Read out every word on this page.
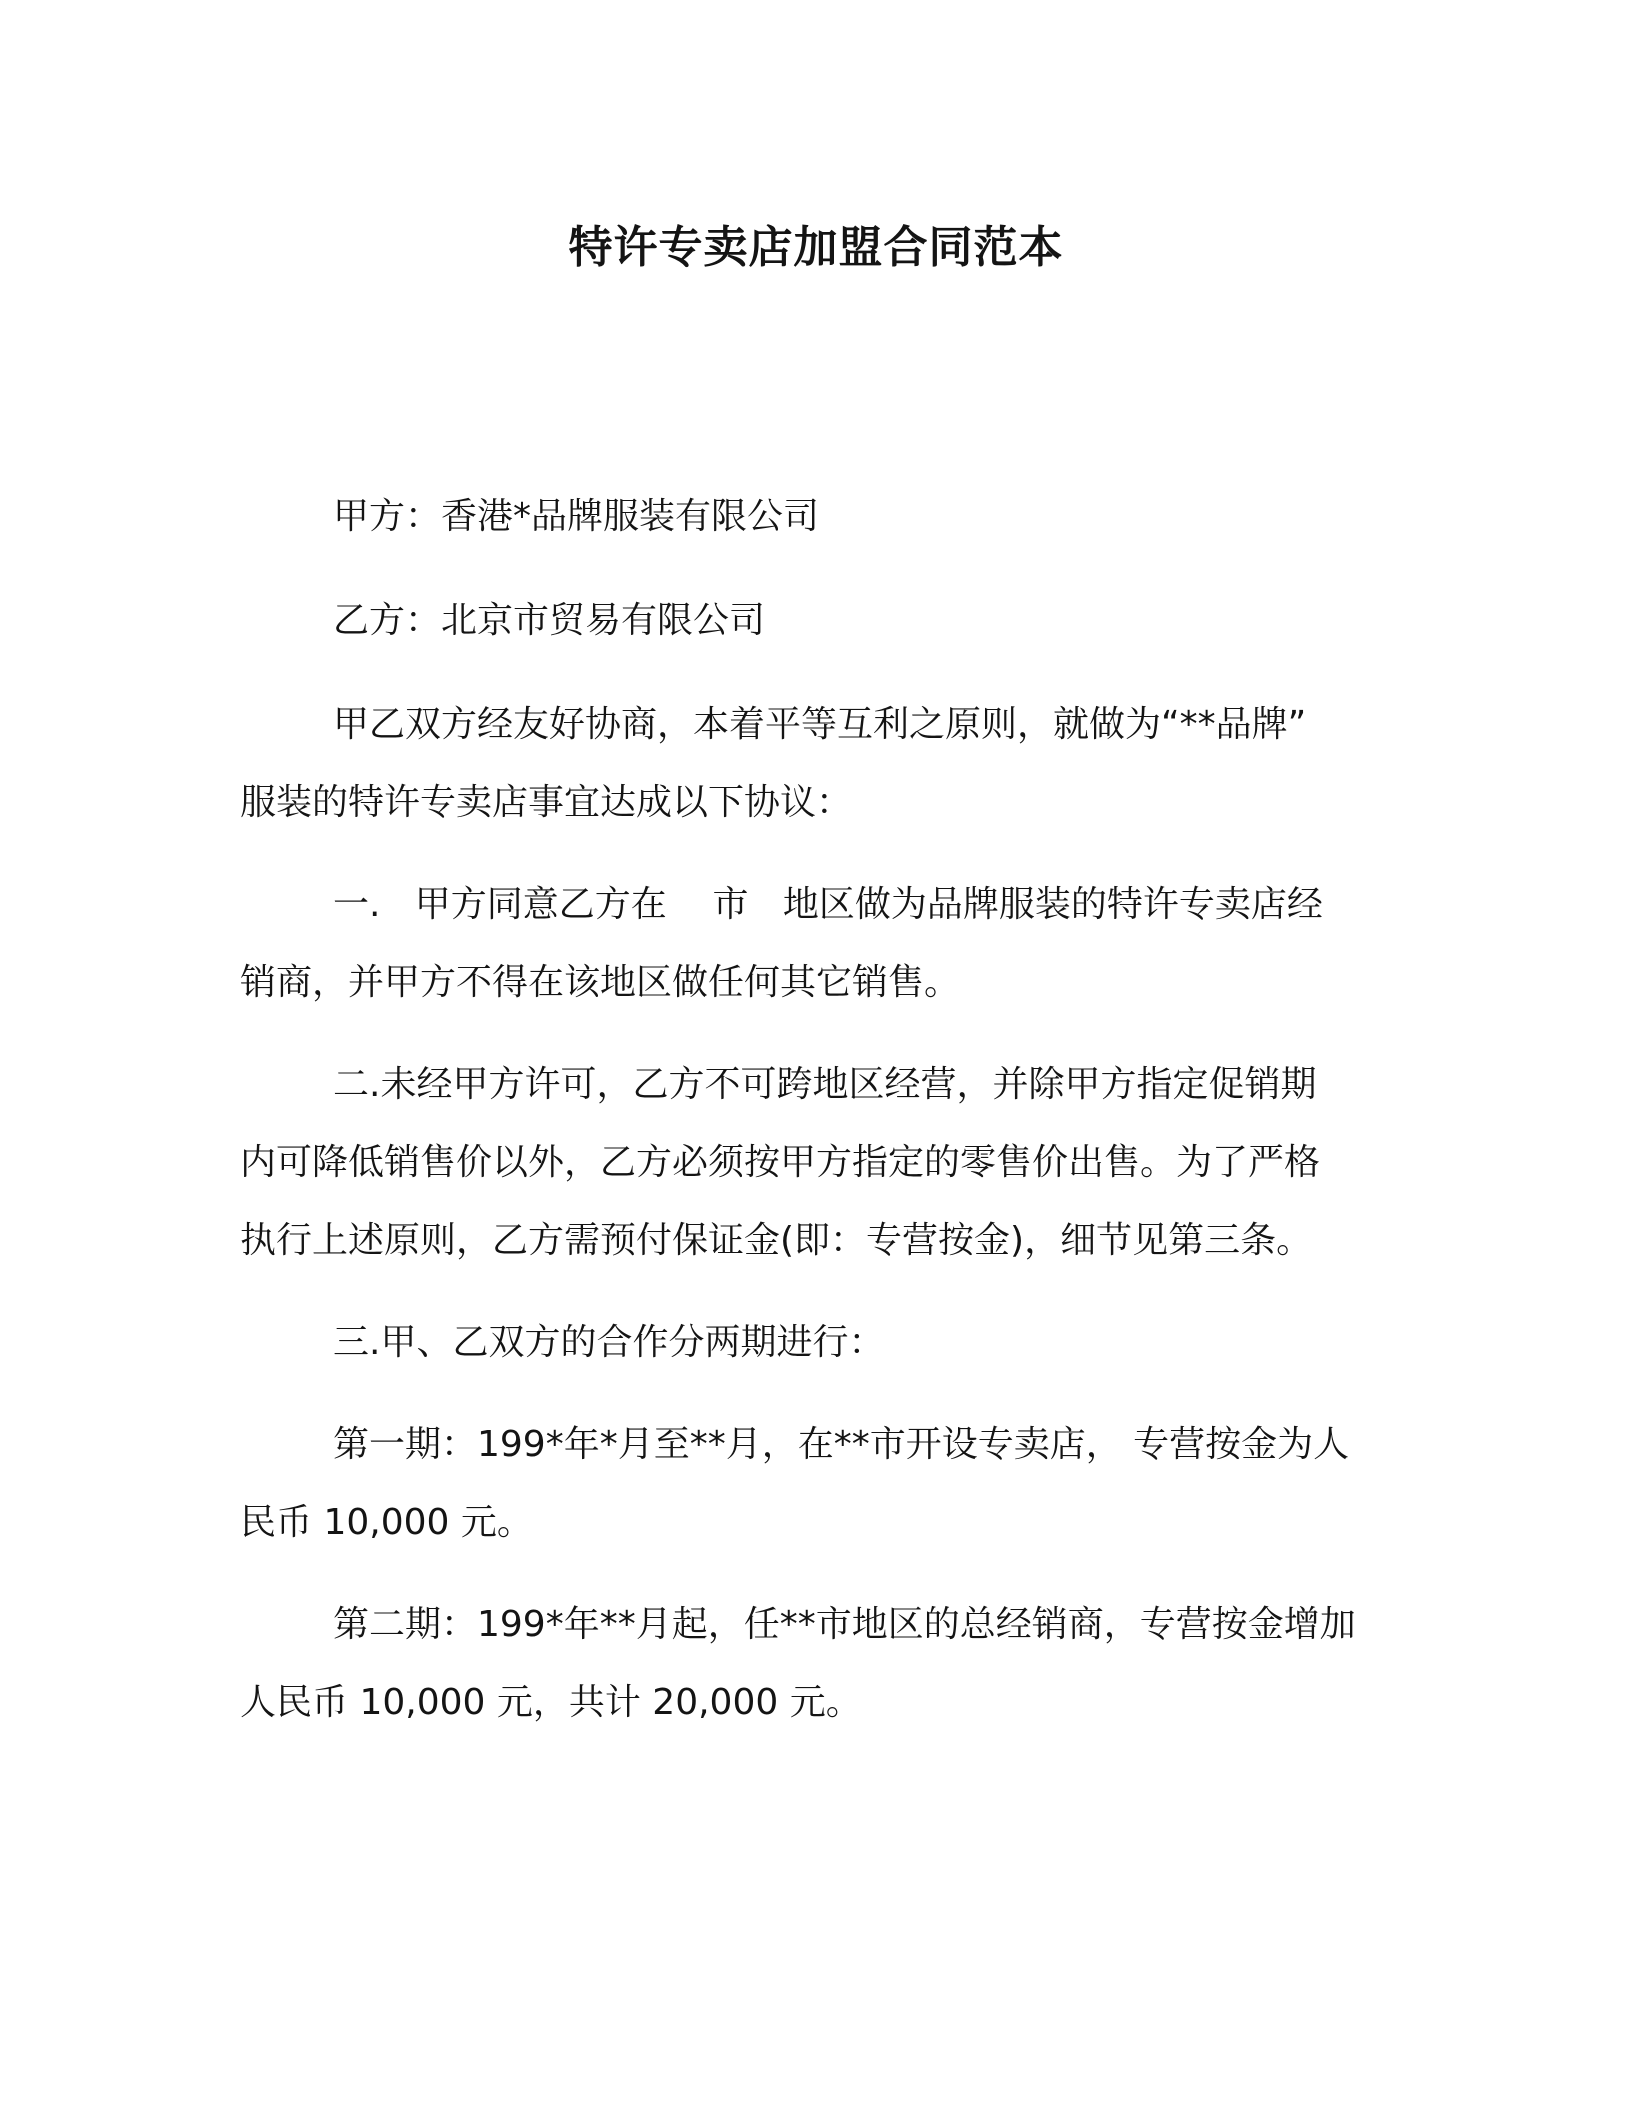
特许专卖店加盟合同范本

甲方：香港*品牌服装有限公司

乙方：北京市贸易有限公司

甲乙双方经友好协商，本着平等互利之原则，就做为“**品牌”

服装的特许专卖店事宜达成以下协议：

一.   甲方同意乙方在    市   地区做为品牌服装的特许专卖店经

销商，并甲方不得在该地区做任何其它销售。

二.未经甲方许可，乙方不可跨地区经营，并除甲方指定促销期

内可降低销售价以外，乙方必须按甲方指定的零售价出售。为了严格

执行上述原则，乙方需预付保证金(即：专营按金)，细节见第三条。

三.甲、乙双方的合作分两期进行：

第一期：199*年*月至**月，在**市开设专卖店， 专营按金为人

民币 10,000 元。

第二期：199*年**月起，任**市地区的总经销商，专营按金增加

人民币 10,000 元，共计 20,000 元。
